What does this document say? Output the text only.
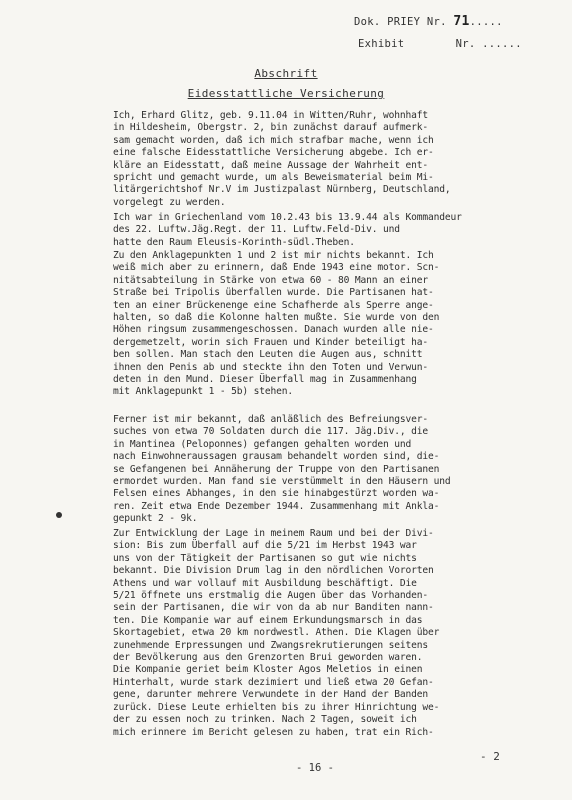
Dok. PRIEY Nr. 71.....
Exhibit	Nr. ......
Abschrift
Eidesstattliche Versicherung
Ich, Erhard Glitz, geb. 9.11.04 in Witten/Ruhr, wohnhaft
in Hildesheim, Obergstr. 2, bin zunächst darauf aufmerk-
sam gemacht worden, daß ich mich strafbar mache, wenn ich
eine falsche Eidesstattliche Versicherung abgebe. Ich er-
kläre an Eidesstatt, daß meine Aussage der Wahrheit ent-
spricht und gemacht wurde, um als Beweismaterial beim Mi-
litärgerichtshof Nr.V im Justizpalast Nürnberg, Deutschland,
vorgelegt zu werden.
Ich war in Griechenland vom 10.2.43 bis 13.9.44 als Kommandeur
des 22. Luftw.Jäg.Regt. der 11. Luftw.Feld-Div. und
hatte den Raum Eleusis-Korinth-südl.Theben.
Zu den Anklagepunkten 1 und 2 ist mir nichts bekannt. Ich
weiß mich aber zu erinnern, daß Ende 1943 eine motor. Scn-
nitätsabteilung in Stärke von etwa 60 - 80 Mann an einer
Straße bei Tripolis überfallen wurde. Die Partisanen hat-
ten an einer Brückenenge eine Schafherde als Sperre ange-
halten, so daß die Kolonne halten mußte. Sie wurde von den
Höhen ringsum zusammengeschossen. Danach wurden alle nie-
dergemetzelt, worin sich Frauen und Kinder beteiligt ha-
ben sollen. Man stach den Leuten die Augen aus, schnitt
ihnen den Penis ab und steckte ihn den Toten und Verwun-
deten in den Mund. Dieser Überfall mag in Zusammenhang
mit Anklagepunkt 1 - 5b) stehen.
Ferner ist mir bekannt, daß anläßlich des Befreiungsver-
suches von etwa 70 Soldaten durch die 117. Jäg.Div., die
in Mantinea (Peloponnes) gefangen gehalten worden und
nach Einwohneraussagen grausam behandelt worden sind, die-
se Gefangenen bei Annäherung der Truppe von den Partisanen
ermordet wurden. Man fand sie verstümmelt in den Häusern und
Felsen eines Abhanges, in den sie hinabgestürzt worden wa-
ren. Zeit etwa Ende Dezember 1944. Zusammenhang mit Ankla-
gepunkt 2 - 9k.
Zur Entwicklung der Lage in meinem Raum und bei der Divi-
sion: Bis zum Überfall auf die 5/21 im Herbst 1943 war
uns von der Tätigkeit der Partisanen so gut wie nichts
bekannt. Die Division Drum lag in den nördlichen Vororten
Athens und war vollauf mit Ausbildung beschäftigt. Die
5/21 öffnete uns erstmalig die Augen über das Vorhanden-
sein der Partisanen, die wir von da ab nur Banditen nann-
ten. Die Kompanie war auf einem Erkundungsmarsch in das
Skortagebiet, etwa 20 km nordwestl. Athen. Die Klagen über
zunehmende Erpressungen und Zwangsrekrutierungen seitens
der Bevölkerung aus den Grenzorten Brui geworden waren.
Die Kompanie geriet beim Kloster Agos Meletios in einen
Hinterhalt, wurde stark dezimiert und ließ etwa 20 Gefan-
gene, darunter mehrere Verwundete in der Hand der Banden
zurück. Diese Leute erhielten bis zu ihrer Hinrichtung we-
der zu essen noch zu trinken. Nach 2 Tagen, soweit ich
mich erinnere im Bericht gelesen zu haben, trat ein Rich-
- 2
- 16 -
